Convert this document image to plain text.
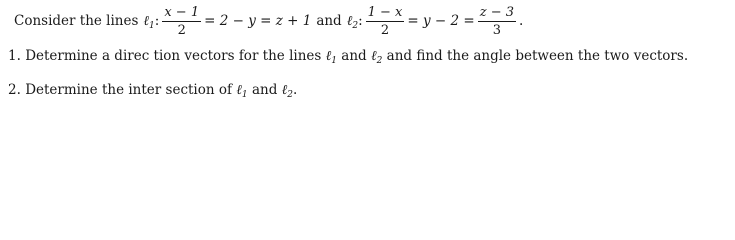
Consider the lines ℓ$_1$ : $\frac{x - 1}{2} = 2 - y = z + 1$ and ℓ$_2$ : $\frac{1 - x}{2} = y - 2 = \frac{z - 3}{3}$ .
1. Determine a direc tion vectors for the lines ℓ$_1$ and ℓ$_2$ and find the angle between the two vectors.
2. Determine the inter section of ℓ$_1$ and ℓ$_2$.
